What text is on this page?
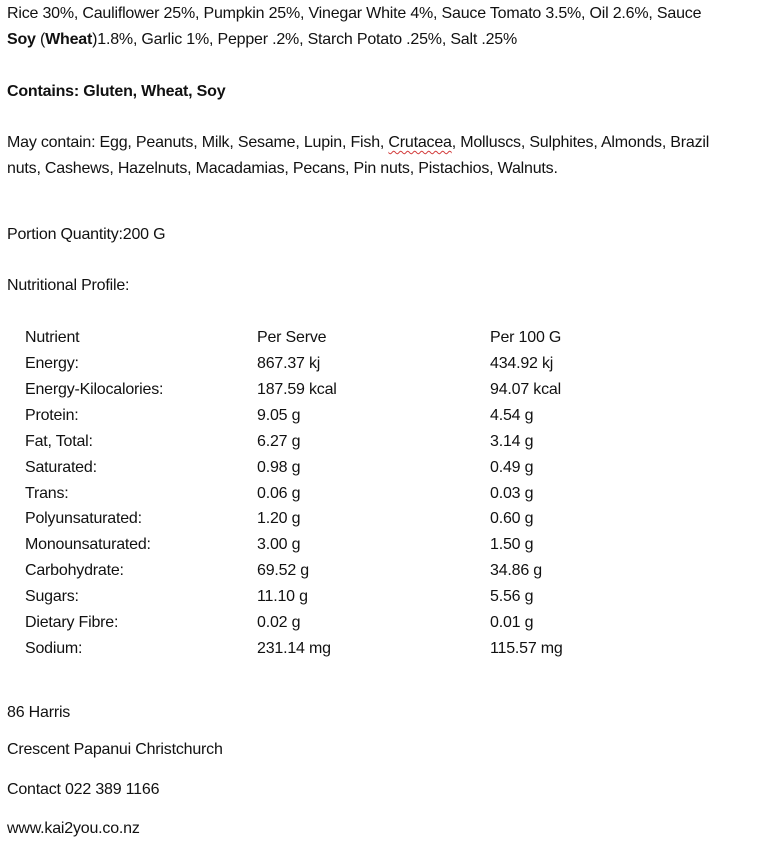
Rice 30%, Cauliflower 25%, Pumpkin 25%, Vinegar White 4%, Sauce Tomato 3.5%, Oil 2.6%, Sauce
Soy (Wheat)1.8%, Garlic 1%, Pepper .2%, Starch Potato .25%, Salt .25%
Contains: Gluten, Wheat, Soy
May contain: Egg, Peanuts, Milk, Sesame, Lupin, Fish, Crutacea, Molluscs, Sulphites, Almonds, Brazil
nuts, Cashews, Hazelnuts, Macadamias, Pecans, Pin nuts, Pistachios, Walnuts.
Portion Quantity:200 G
Nutritional Profile:
Nutrient	Per Serve	Per 100 G
Energy:	867.37 kj	434.92 kj
Energy-Kilocalories:	187.59 kcal	94.07 kcal
Protein:	9.05 g	4.54 g
Fat, Total:	6.27 g	3.14 g
Saturated:	0.98 g	0.49 g
Trans:	0.06 g	0.03 g
Polyunsaturated:	1.20 g	0.60 g
Monounsaturated:	3.00 g	1.50 g
Carbohydrate:	69.52 g	34.86 g
Sugars:	11.10 g	5.56 g
Dietary Fibre:	0.02 g	0.01 g
Sodium:	231.14 mg	115.57 mg
86 Harris
Crescent Papanui Christchurch
Contact 022 389 1166
www.kai2you.co.nz
